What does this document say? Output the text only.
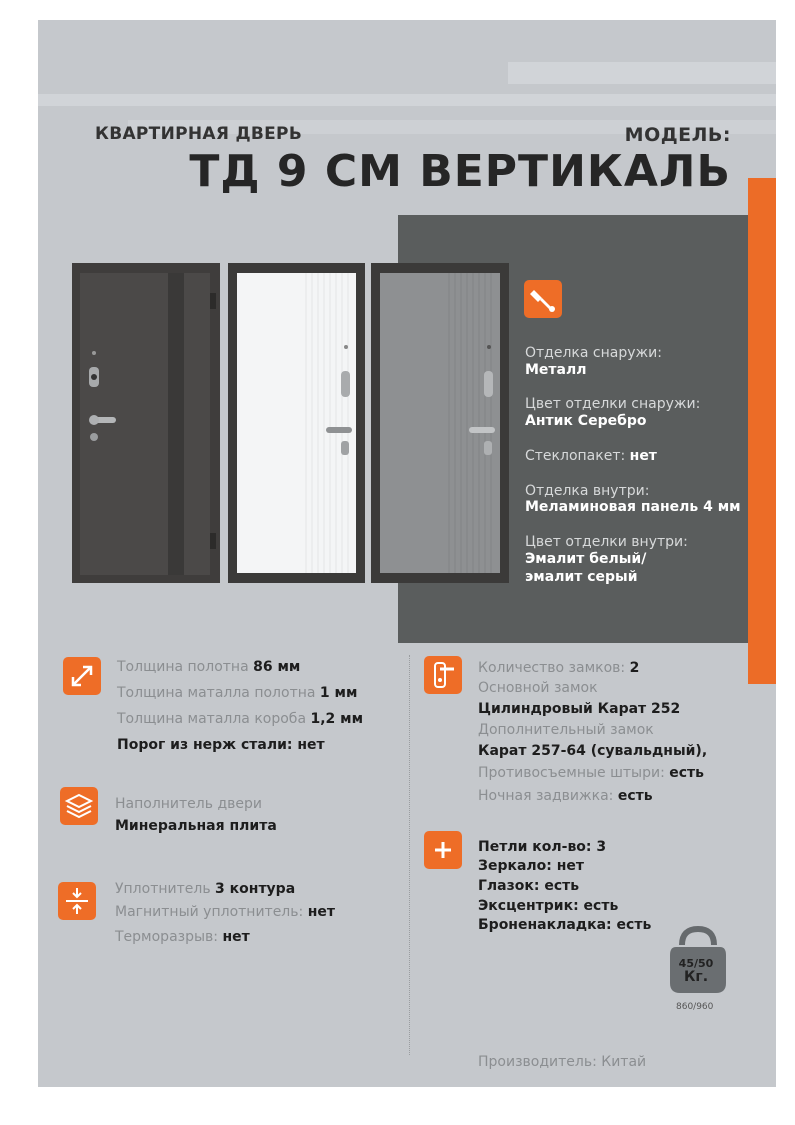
КВАРТИРНАЯ ДВЕРЬ	МОДЕЛЬ:
ТД 9 СМ ВЕРТИКАЛЬ
Отделка снаружи:
Металл
Цвет отделки снаружи:
Антик Серебро
Стеклопакет: нет
Отделка внутри:
Меламиновая панель 4 мм
Цвет отделки внутри:
Эмалит белый/
эмалит серый
Толщина полотна 86 мм
Толщина маталла полотна 1 мм
Толщина маталла короба 1,2 мм
Порог из нерж стали: нет
Наполнитель двери
Минеральная плита
Уплотнитель 3 контура
Магнитный уплотнитель: нет
Терморазрыв: нет
Количество замков: 2
Основной замок
Цилиндровый Карат 252
Дополнительный замок
Карат 257-64 (сувальдный),
Противосъемные штыри: есть
Ночная задвижка: есть
Петли кол-во: 3
Зеркало: нет
Глазок: есть
Эксцентрик: есть
Броненакладка: есть
45/50
Кг.
860/960
Производитель: Китай
